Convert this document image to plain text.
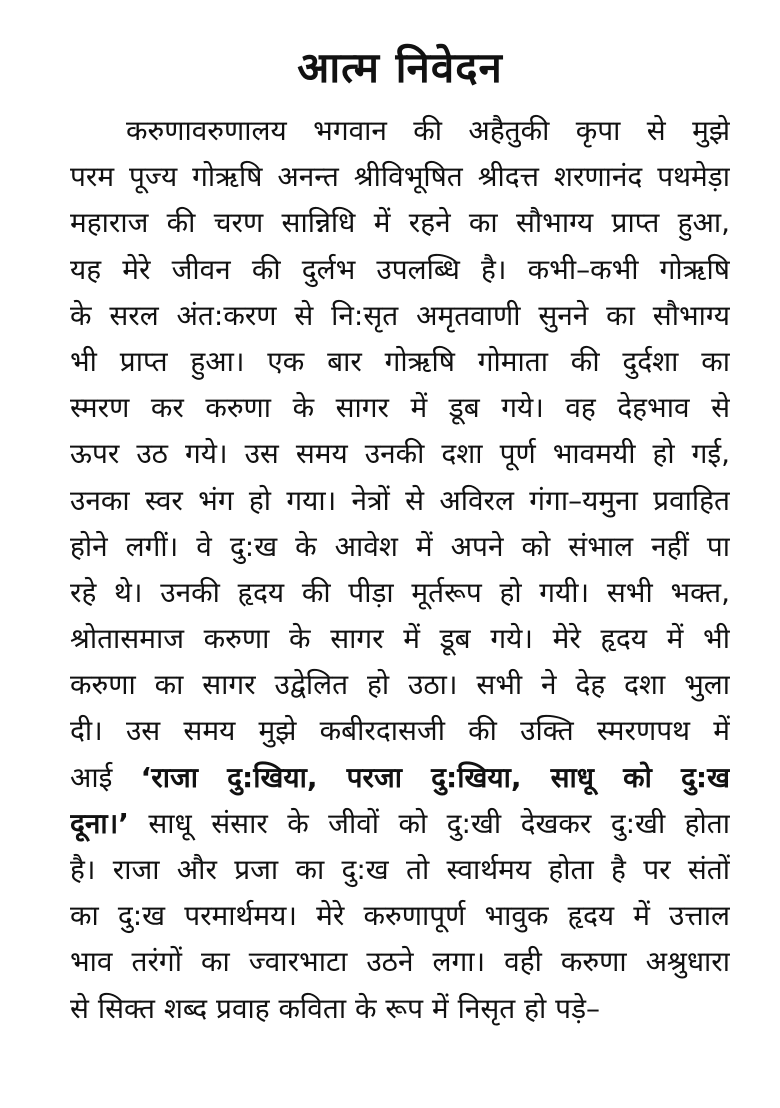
आत्म निवेदन
करुणावरुणालय भगवान की अहैतुकी कृपा से मुझे
परम पूज्य गोऋषि अनन्त श्रीविभूषित श्रीदत्त शरणानंद पथमेड़ा
महाराज की चरण सान्निधि में रहने का सौभाग्य प्राप्त हुआ,
यह मेरे जीवन की दुर्लभ उपलब्धि है। कभी–कभी गोऋषि
के सरल अंत:करण से नि:सृत अमृतवाणी सुनने का सौभाग्य
भी प्राप्त हुआ। एक बार गोऋषि गोमाता की दुर्दशा का
स्मरण कर करुणा के सागर में डूब गये। वह देहभाव से
ऊपर उठ गये। उस समय उनकी दशा पूर्ण भावमयी हो गई,
उनका स्वर भंग हो गया। नेत्रों से अविरल गंगा–यमुना प्रवाहित
होने लगीं। वे दु:ख के आवेश में अपने को संभाल नहीं पा
रहे थे। उनकी हृदय की पीड़ा मूर्तरूप हो गयी। सभी भक्त,
श्रोतासमाज करुणा के सागर में डूब गये। मेरे हृदय में भी
करुणा का सागर उद्वेलित हो उठा। सभी ने देह दशा भुला
दी। उस समय मुझे कबीरदासजी की उक्ति स्मरणपथ में
आई ‘राजा दु:खिया, परजा दु:खिया, साधू को दु:ख
दूना।’ साधू संसार के जीवों को दु:खी देखकर दु:खी होता
है। राजा और प्रजा का दु:ख तो स्वार्थमय होता है पर संतों
का दु:ख परमार्थमय। मेरे करुणापूर्ण भावुक हृदय में उत्ताल
भाव तरंगों का ज्वारभाटा उठने लगा। वही करुणा अश्रुधारा
से सिक्त शब्द प्रवाह कविता के रूप में निसृत हो पड़े–
